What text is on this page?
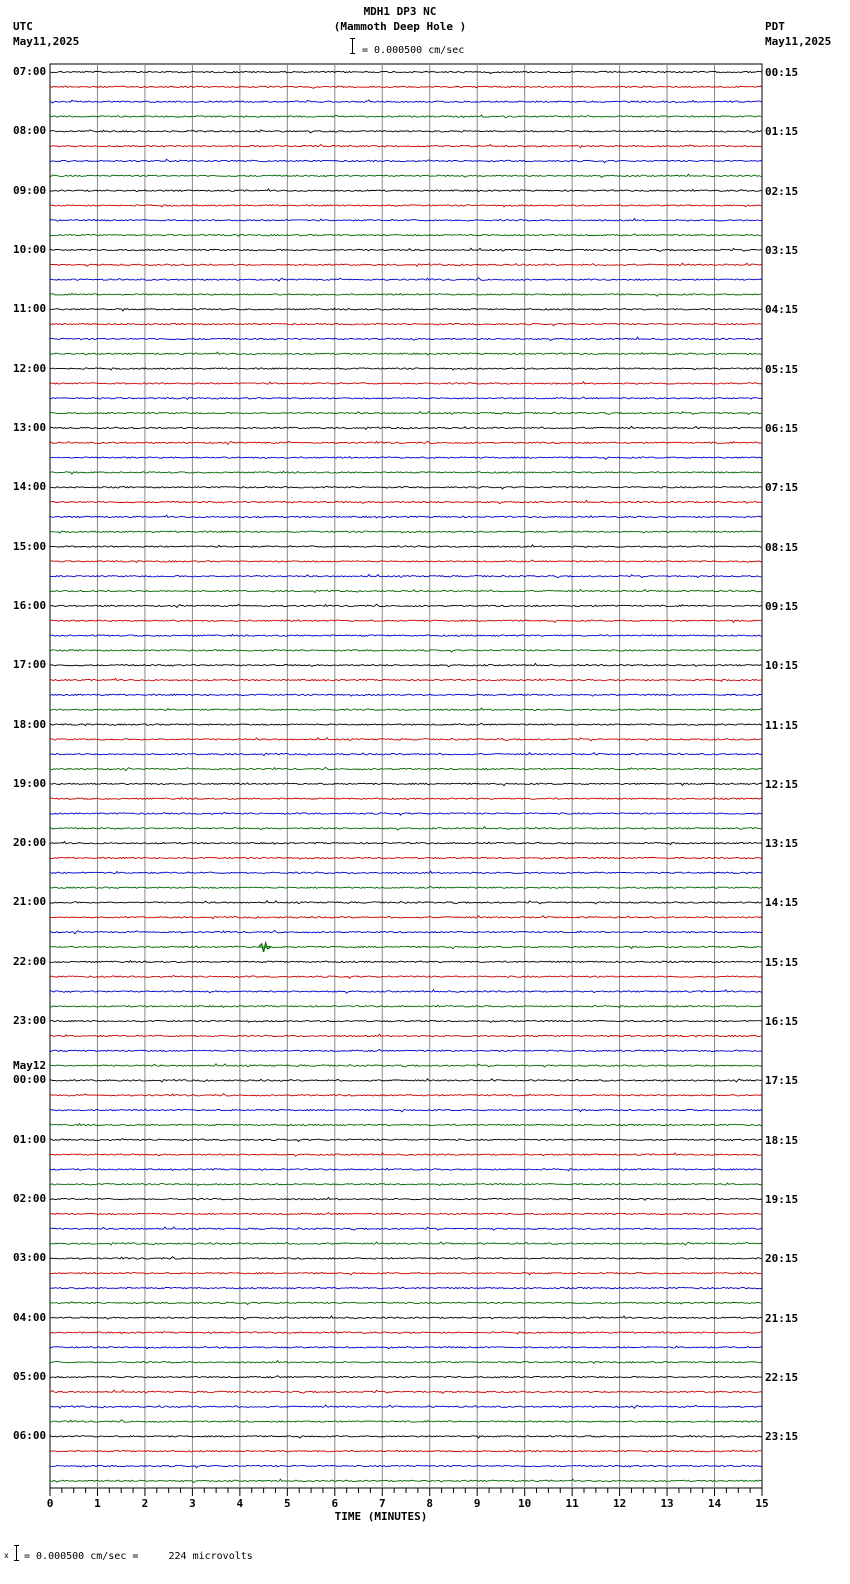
MDH1 DP3 NC
(Mammoth Deep Hole )
= 0.000500 cm/sec
UTC
May11,2025
PDT
May11,2025
0	1	2	3	4	5	6	7	8	9	10	11	12	13	14	15
TIME (MINUTES)
07:00
08:00
09:00
10:00
11:00
12:00
13:00
14:00
15:00
16:00
17:00
18:00
19:00
20:00
21:00
22:00
23:00
00:00
May12
01:00
02:00
03:00
04:00
05:00
06:00
00:15
01:15
02:15
03:15
04:15
05:15
06:15
07:15
08:15
09:15
10:15
11:15
12:15
13:15
14:15
15:15
16:15
17:15
18:15
19:15
20:15
21:15
22:15
23:15
x = 0.000500 cm/sec =     224 microvolts
